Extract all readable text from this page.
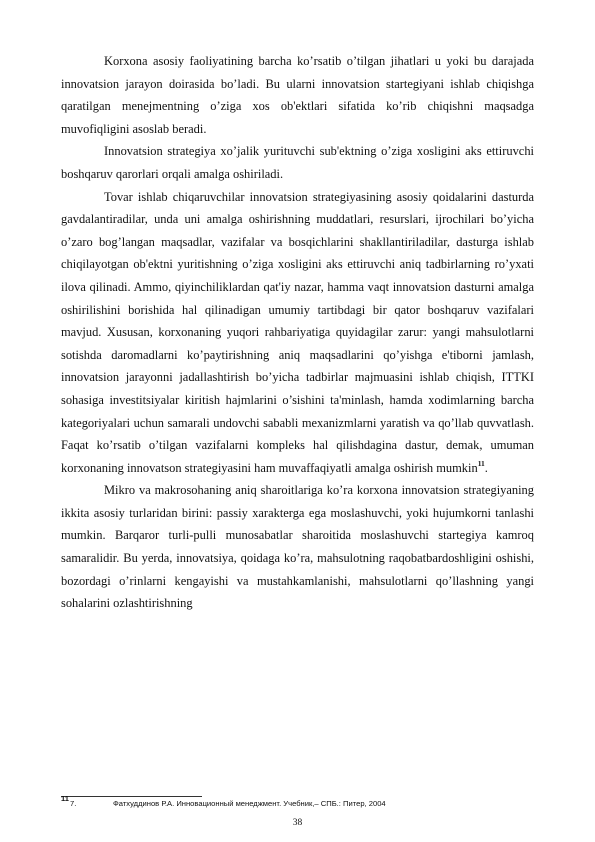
Korxona asosiy faoliyatining barcha ko’rsatib o’tilgan jihatlari u yoki bu darajada innovatsion jarayon doirasida bo’ladi. Bu ularni innovatsion startegiyani ishlab chiqishga qaratilgan menejmentning o’ziga xos ob'ektlari sifatida ko’rib chiqishni maqsadga muvofiqligini asoslab beradi.

Innovatsion strategiya xo’jalik yurituvchi sub'ektning o’ziga xosligini aks ettiruvchi boshqaruv qarorlari orqali amalga oshiriladi.

Tovar ishlab chiqaruvchilar innovatsion strategiyasining asosiy qoidalarini dasturda gavdalantiradilar, unda uni amalga oshirishning muddatlari, resurslari, ijrochilari bo’yicha o’zaro bog’langan maqsadlar, vazifalar va bosqichlarini shakllantiriladilar, dasturga ishlab chiqilayotgan ob'ektni yuritishning o’ziga xosligini aks ettiruvchi aniq tadbirlarning ro’yxati ilova qilinadi. Ammo, qiyinchiliklardan qat'iy nazar, hamma vaqt innovatsion dasturni amalga oshirilishini borishida hal qilinadigan umumiy tartibdagi bir qator boshqaruv vazifalari mavjud. Xususan, korxonaning yuqori rahbariyatiga quyidagilar zarur: yangi mahsulotlarni sotishda daromadlarni ko’paytirishning aniq maqsadlarini qo’yishga e'tiborni jamlash, innovatsion jarayonni jadallashtirish bo’yicha tadbirlar majmuasini ishlab chiqish, ITTKI sohasiga investitsiyalar kiritish hajmlarini o’sishini ta'minlash, hamda xodimlarning barcha kategoriyalari uchun samarali undovchi sababli mexanizmlarni yaratish va qo’llab quvvatlash. Faqat ko’rsatib o’tilgan vazifalarni kompleks hal qilishdagina dastur, demak, umuman korxonaning innovatson strategiyasini ham muvaffaqiyatli amalga oshirish mumkin$^{11}$.

Mikro va makrosohaning aniq sharoitlariga ko’ra korxona innovatsion strategiyaning ikkita asosiy turlaridan birini: passiy xarakterga ega moslashuvchi, yoki hujumkorni tanlashi mumkin. Barqaror turli-pulli munosabatlar sharoitida moslashuvchi startegiya kamroq samaralidir. Bu yerda, innovatsiya, qoidaga ko’ra, mahsulotning raqobatbardoshligini oshishi, bozordagi o’rinlarni kengayishi va mustahkamlanishi, mahsulotlarni qo’llashning yangi sohalarini ozlashtirishning

$^{11}$7.	Фатхуддинов Р.А. Инновационный менеджмент. Учебник,– СПБ.: Питер, 2004
38
